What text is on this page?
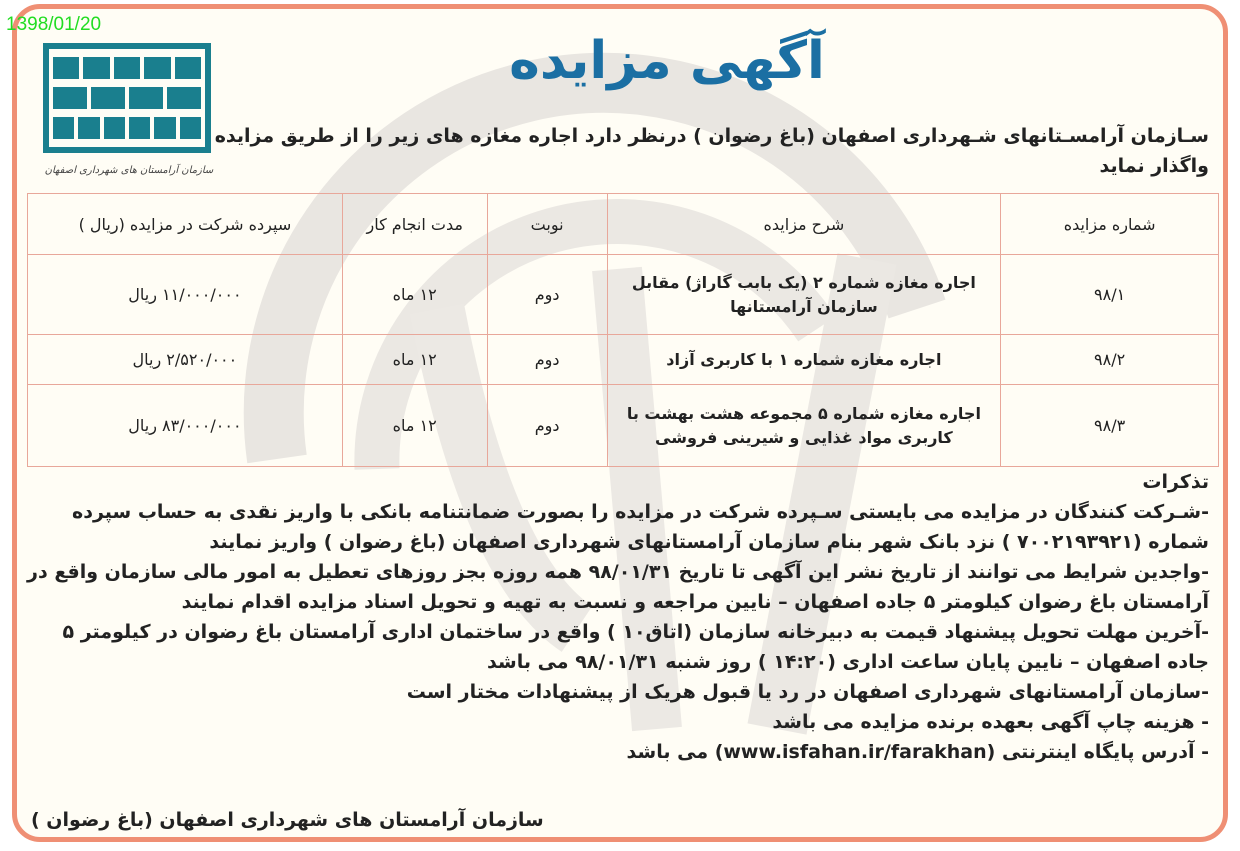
1398/01/20
سازمان آرامستان های شهرداری اصفهان
آگهی مزایده
سـازمان آرامسـتانهای شـهرداری اصفهان (باغ رضوان ) درنظر دارد اجاره مغازه های زیر را از طریق مزایده واگذار نماید
شماره مزایده	شرح مزایده	نوبت	مدت انجام کار	سپرده شرکت در مزایده (ریال )
۹۸/۱	اجاره مغازه شماره ۲ (یک بابب گاراژ) مقابل سازمان آرامستانها	دوم	۱۲ ماه	۱۱/۰۰۰/۰۰۰ ریال
۹۸/۲	اجاره مغازه شماره ۱ با کاربری آزاد	دوم	۱۲ ماه	۲/۵۲۰/۰۰۰ ریال
۹۸/۳	اجاره مغازه شماره ۵ مجموعه هشت بهشت با کاربری مواد غذایی و شیرینی فروشی	دوم	۱۲ ماه	۸۳/۰۰۰/۰۰۰ ریال

تذکرات

-شـرکت کنندگان در مزایده می بایستی سـپرده شرکت در مزایده را بصورت ضمانتنامه بانکی با واریز نقدی به حساب سپرده شماره (۷۰۰۲۱۹۳۹۲۱ ) نزد بانک شهر بنام سازمان آرامستانهای شهرداری اصفهان (باغ رضوان ) واریز نمایند

-واجدین شرایط می توانند از تاریخ نشر این آگهی تا تاریخ ۹۸/۰۱/۳۱ همه روزه بجز روزهای تعطیل به امور مالی سازمان واقع در آرامستان باغ رضوان کیلومتر ۵ جاده اصفهان – نایین مراجعه و نسبت به تهیه و تحویل اسناد مزایده اقدام نمایند

-آخرین مهلت تحویل پیشنهاد قیمت به دبیرخانه سازمان (اتاق۱۰ ) واقع در ساختمان اداری آرامستان باغ رضوان در کیلومتر ۵ جاده اصفهان – نایین پایان ساعت اداری (۱۴:۲۰ ) روز شنبه ۹۸/۰۱/۳۱ می باشد

-سازمان آرامستانهای شهرداری اصفهان در رد یا قبول هریک از پیشنهادات مختار است

- هزینه چاپ آگهی بعهده برنده مزایده می باشد

- آدرس پایگاه اینترنتی (www.isfahan.ir/farakhan) می باشد

سازمان آرامستان های شهرداری اصفهان (باغ رضوان )
